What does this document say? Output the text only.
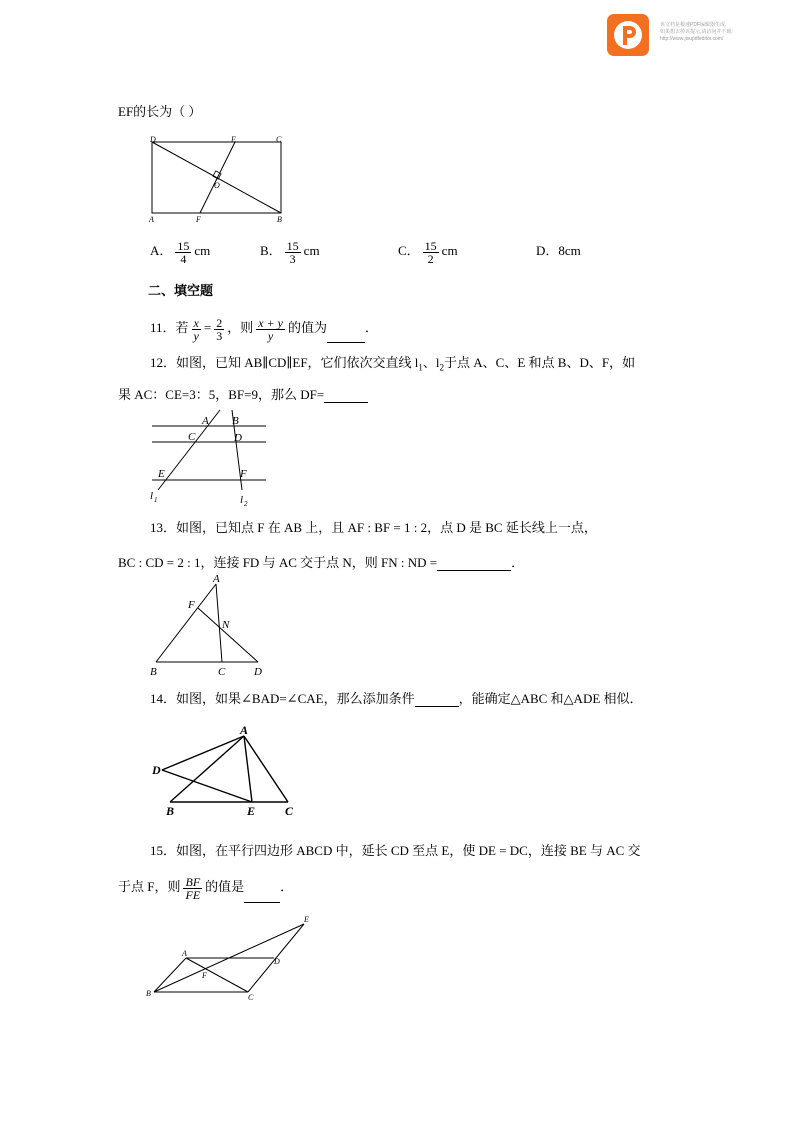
该文档是极速PDF编辑器生成,
如果想去掉该提示,请访问并下载:
http://www.jisupdfeditor.com/
EF的长为（ ）
D	E	C
O
A	F	B
A． $\frac{15}{4}$ cm	B． $\frac{15}{3}$ cm	C． $\frac{15}{2}$ cm	D．8cm
二、填空题
11．若 $\frac{x}{y} = \frac{2}{3}$ ，则 $\frac{x + y}{y}$ 的值为	．
12．如图，已知 AB∥CD∥EF，它们依次交直线 $l_1$、$l_2$于点 A、C、E 和点 B、D、F，如
果 AC：CE=3：5，BF=9，那么 DF=
A B
C	D
E	F
l 1	l 2
13．如图，已知点 F 在 AB 上，且 AF : BF = 1 : 2，点 D 是 BC 延长线上一点，
BC : CD = 2 : 1，连接 FD 与 AC 交于点 N，则 FN : ND =	．
A
F
N
B	C	D
14．如图，如果∠BAD=∠CAE，那么添加条件	，能确定△ABC 和△ADE 相似．
A
D
B	E C
15．如图，在平行四边形 ABCD 中，延长 CD 至点 E，使 DE = DC，连接 BE 与 AC 交
于点 F，则 $\frac{BF}{FE}$ 的值是	．
E
A
D
F
B	C
